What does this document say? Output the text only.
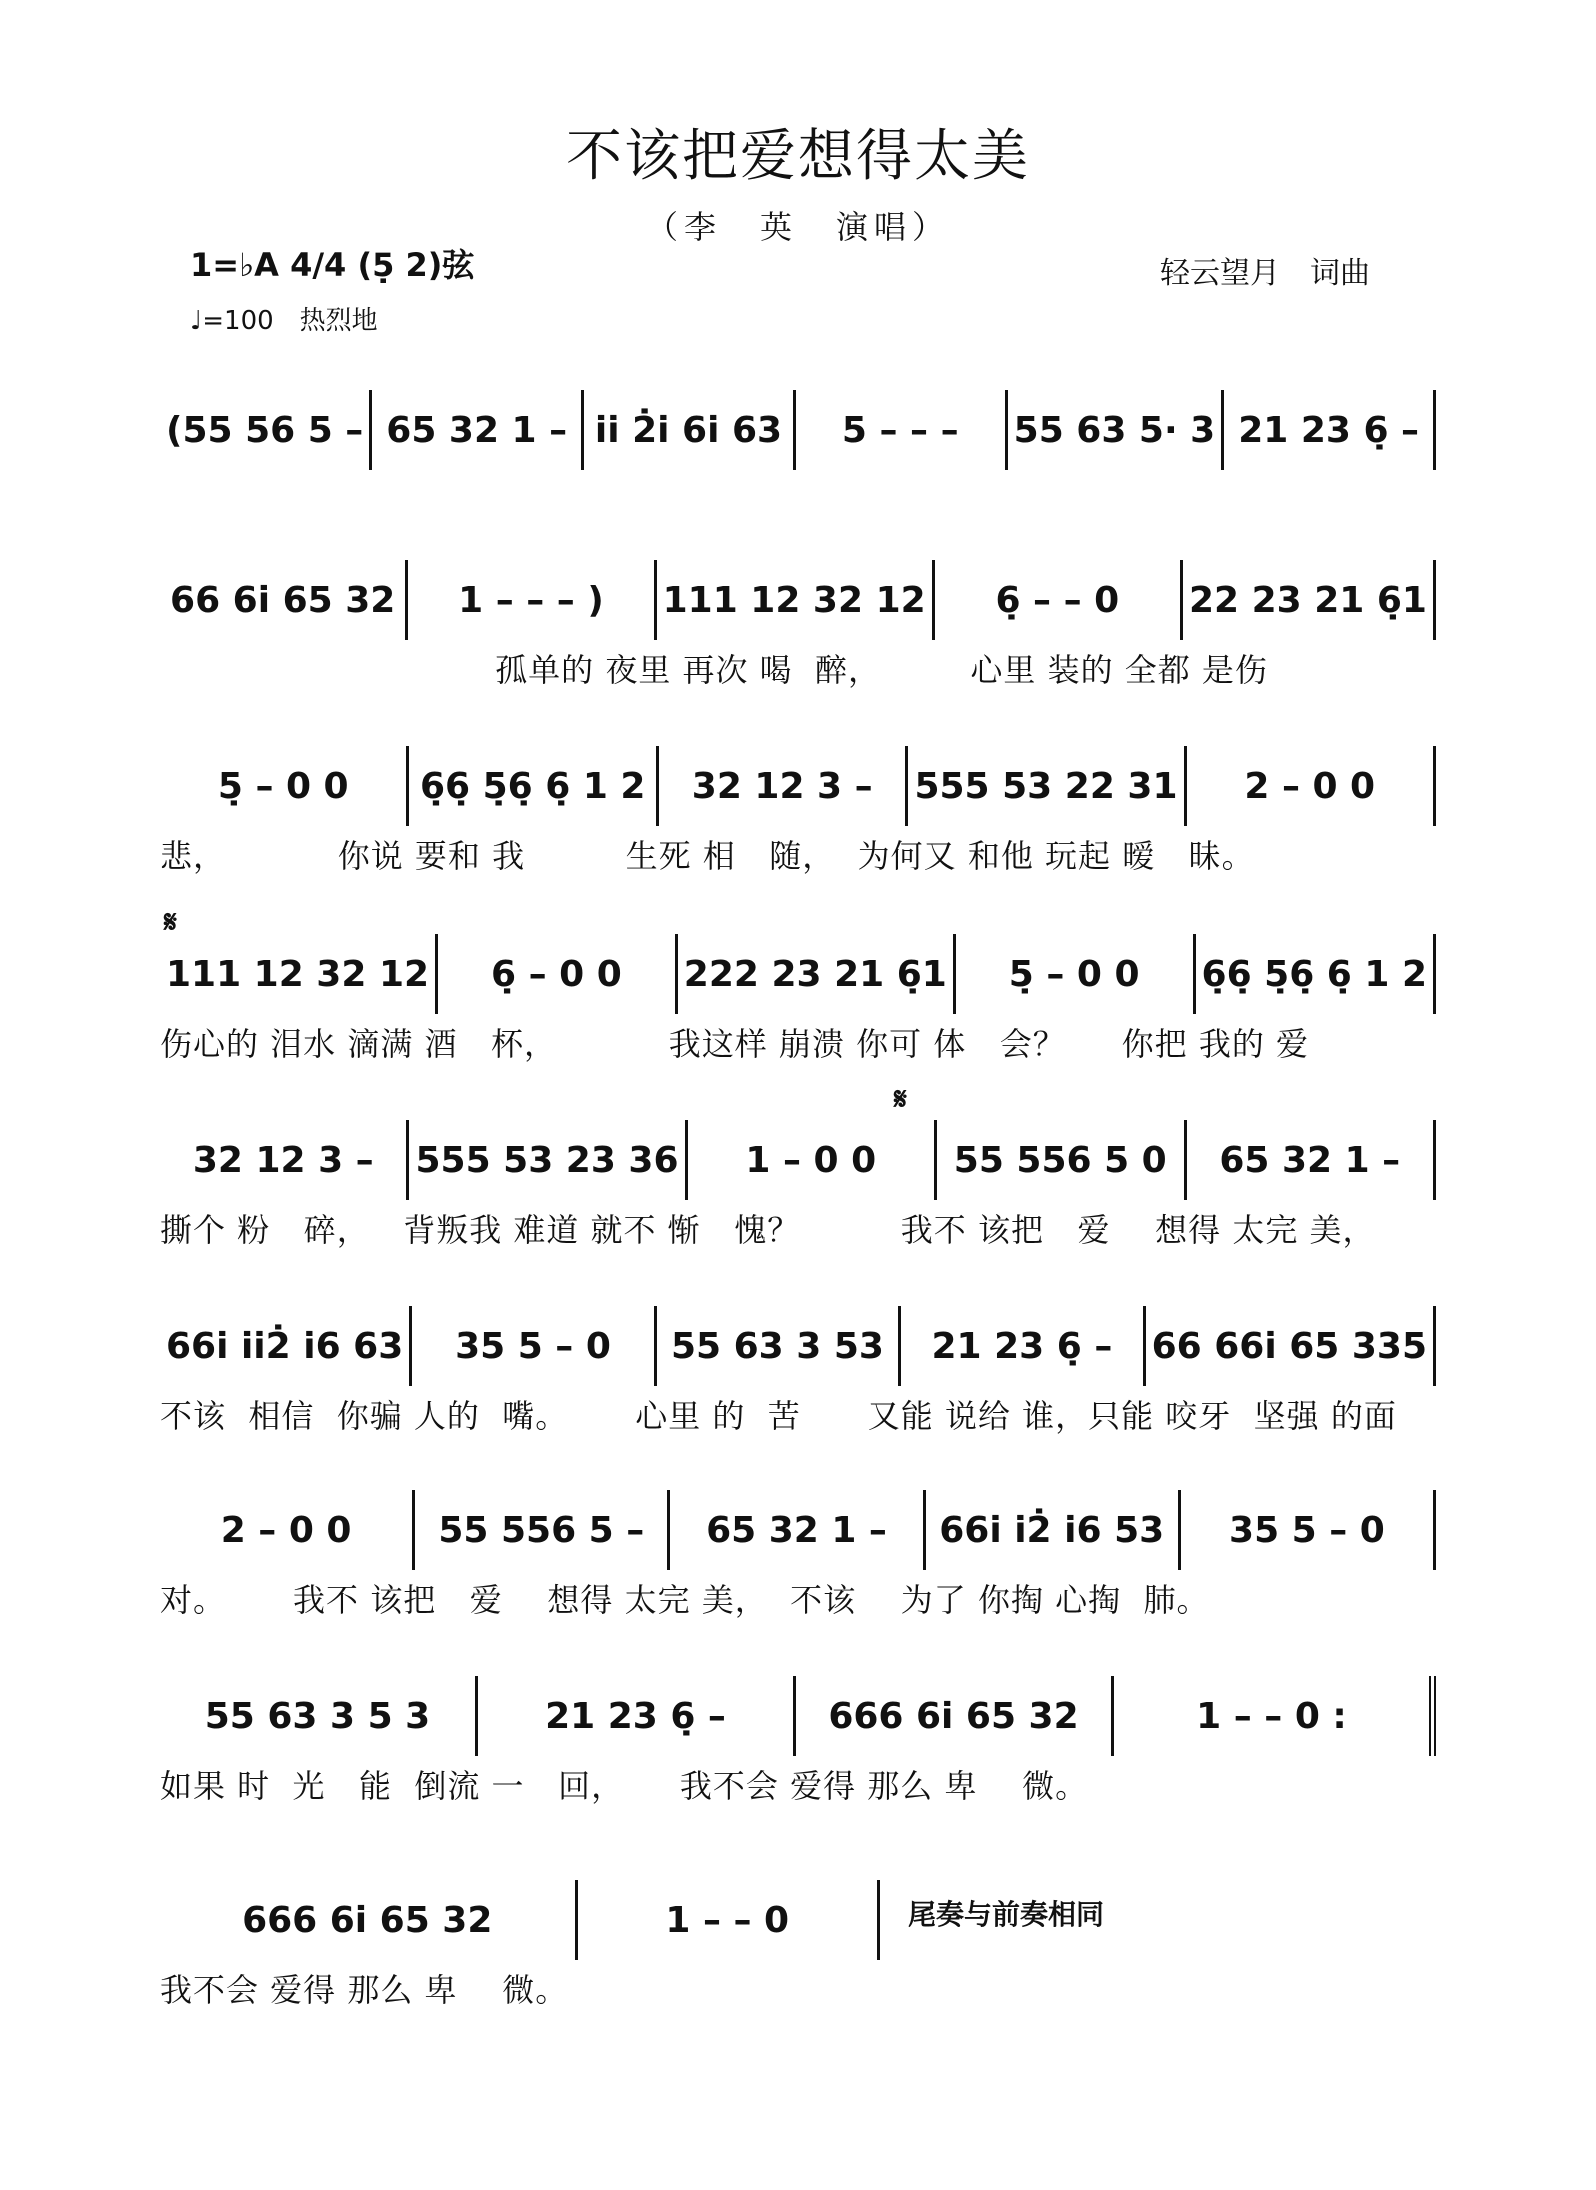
不该把爱想得太美
（李　英　演唱）
1=♭A 4/4 (5̣ 2)弦
♩=100　热烈地
轻云望月　词曲
(55 56 5 – 65 32 1 – i̇i̇ 2̇i̇ 6i̇ 63	5 – – –	55 63 5· 3 21 23 6̣ –
66 6i̇ 65 32	1 – – – )	111 12 32 12	6̣ – – 0	22 23 21 6̣1
孤单的 夜里 再次 喝  醉，        心里 装的 全都 是伤
5̣ – 0 0	6̣6̣ 5̣6̣ 6̣ 1 2	32 12 3 –	555 53 22 31	2 – 0 0
悲，          你说 要和 我         生死 相   随，  为何又 和他 玩起 暧   昧。
𝄋
111 12 32 12	6̣ – 0 0	222 23 21 6̣1	5̣ – 0 0	6̣6̣ 5̣6̣ 6̣ 1 2
伤心的 泪水 滴满 酒   杯，          我这样 崩溃 你可 体   会？     你把 我的 爱
𝄋
32 12 3 –	555 53 23 36	1 – 0 0	55 556 5 0	65 32 1 –
撕个 粉   碎，   背叛我 难道 就不 惭   愧？         我不 该把   爱    想得 太完 美，
66i̇ i̇i̇2̇ i̇6 63	35 5 – 0	55 63 3 53	21 23 6̣ –	66 66i̇ 65 335
不该  相信  你骗 人的  嘴。      心里 的  苦      又能 说给 谁，只能 咬牙  坚强 的面
2 – 0 0	55 556 5 –	65 32 1 –	66i̇ i̇2̇ i̇6 53	35 5 – 0
对。      我不 该把   爱    想得 太完 美，  不该    为了 你掏 心掏  肺。
55 63 3 5 3	21 23 6̣ –	666 6i̇ 65 32	1 – – 0 :
如果 时  光   能  倒流 一   回，     我不会 爱得 那么 卑    微。
666 6i̇ 65 32	1 – – 0
我不会 爱得 那么 卑    微。
尾奏与前奏相同
